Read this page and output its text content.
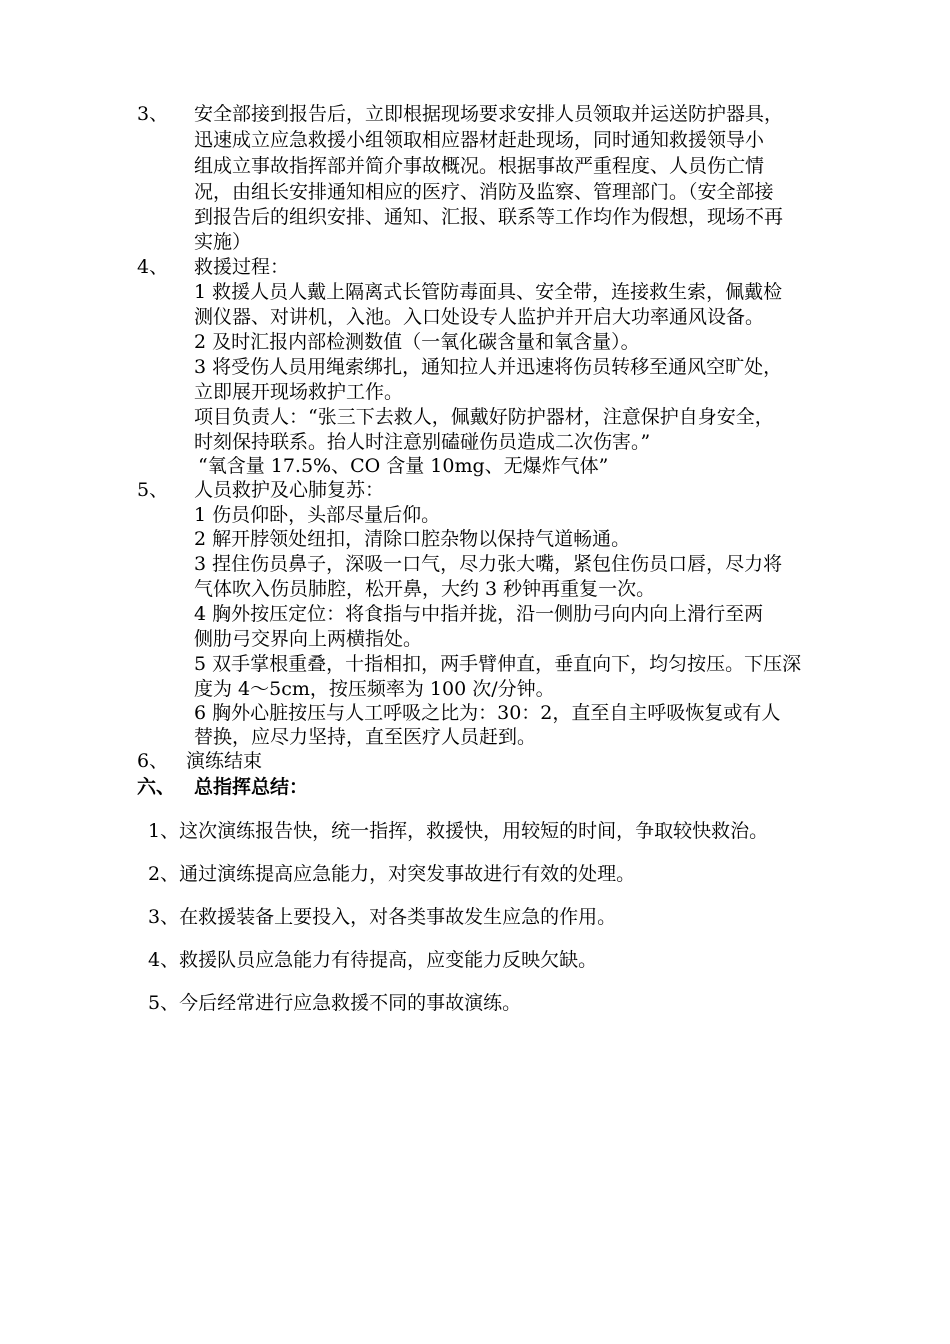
3、 安全部接到报告后，立即根据现场要求安排人员领取并运送防护器具，
迅速成立应急救援小组领取相应器材赶赴现场，同时通知救援领导小
组成立事故指挥部并简介事故概况。根据事故严重程度、人员伤亡情
况，由组长安排通知相应的医疗、消防及监察、管理部门。（安全部接
到报告后的组织安排、通知、汇报、联系等工作均作为假想，现场不再
实施）
4、 救援过程：
1 救援人员人戴上隔离式长管防毒面具、安全带，连接救生索，佩戴检
测仪器、对讲机，入池。入口处设专人监护并开启大功率通风设备。
2 及时汇报内部检测数值（一氧化碳含量和氧含量）。
3 将受伤人员用绳索绑扎，通知拉人并迅速将伤员转移至通风空旷处，
立即展开现场救护工作。
项目负责人：“张三下去救人，佩戴好防护器材，注意保护自身安全，
时刻保持联系。抬人时注意别磕碰伤员造成二次伤害。”
“氧含量 17.5%、CO 含量 10mg、无爆炸气体”
5、 人员救护及心肺复苏：
1 伤员仰卧，头部尽量后仰。
2 解开脖领处纽扣，清除口腔杂物以保持气道畅通。
3 捏住伤员鼻子，深吸一口气，尽力张大嘴，紧包住伤员口唇，尽力将
气体吹入伤员肺腔，松开鼻，大约 3 秒钟再重复一次。
4 胸外按压定位：将食指与中指并拢，沿一侧肋弓向内向上滑行至两
侧肋弓交界向上两横指处。
5 双手掌根重叠，十指相扣，两手臂伸直，垂直向下，均匀按压。下压深
度为 4～5cm，按压频率为 100 次/分钟。
6 胸外心脏按压与人工呼吸之比为：30：2，直至自主呼吸恢复或有人
替换，应尽力坚持，直至医疗人员赶到。
6、 演练结束
六、 总指挥总结：
1、这次演练报告快，统一指挥，救援快，用较短的时间，争取较快救治。
2、通过演练提高应急能力，对突发事故进行有效的处理。
3、在救援装备上要投入，对各类事故发生应急的作用。
4、救援队员应急能力有待提高，应变能力反映欠缺。
5、今后经常进行应急救援不同的事故演练。
